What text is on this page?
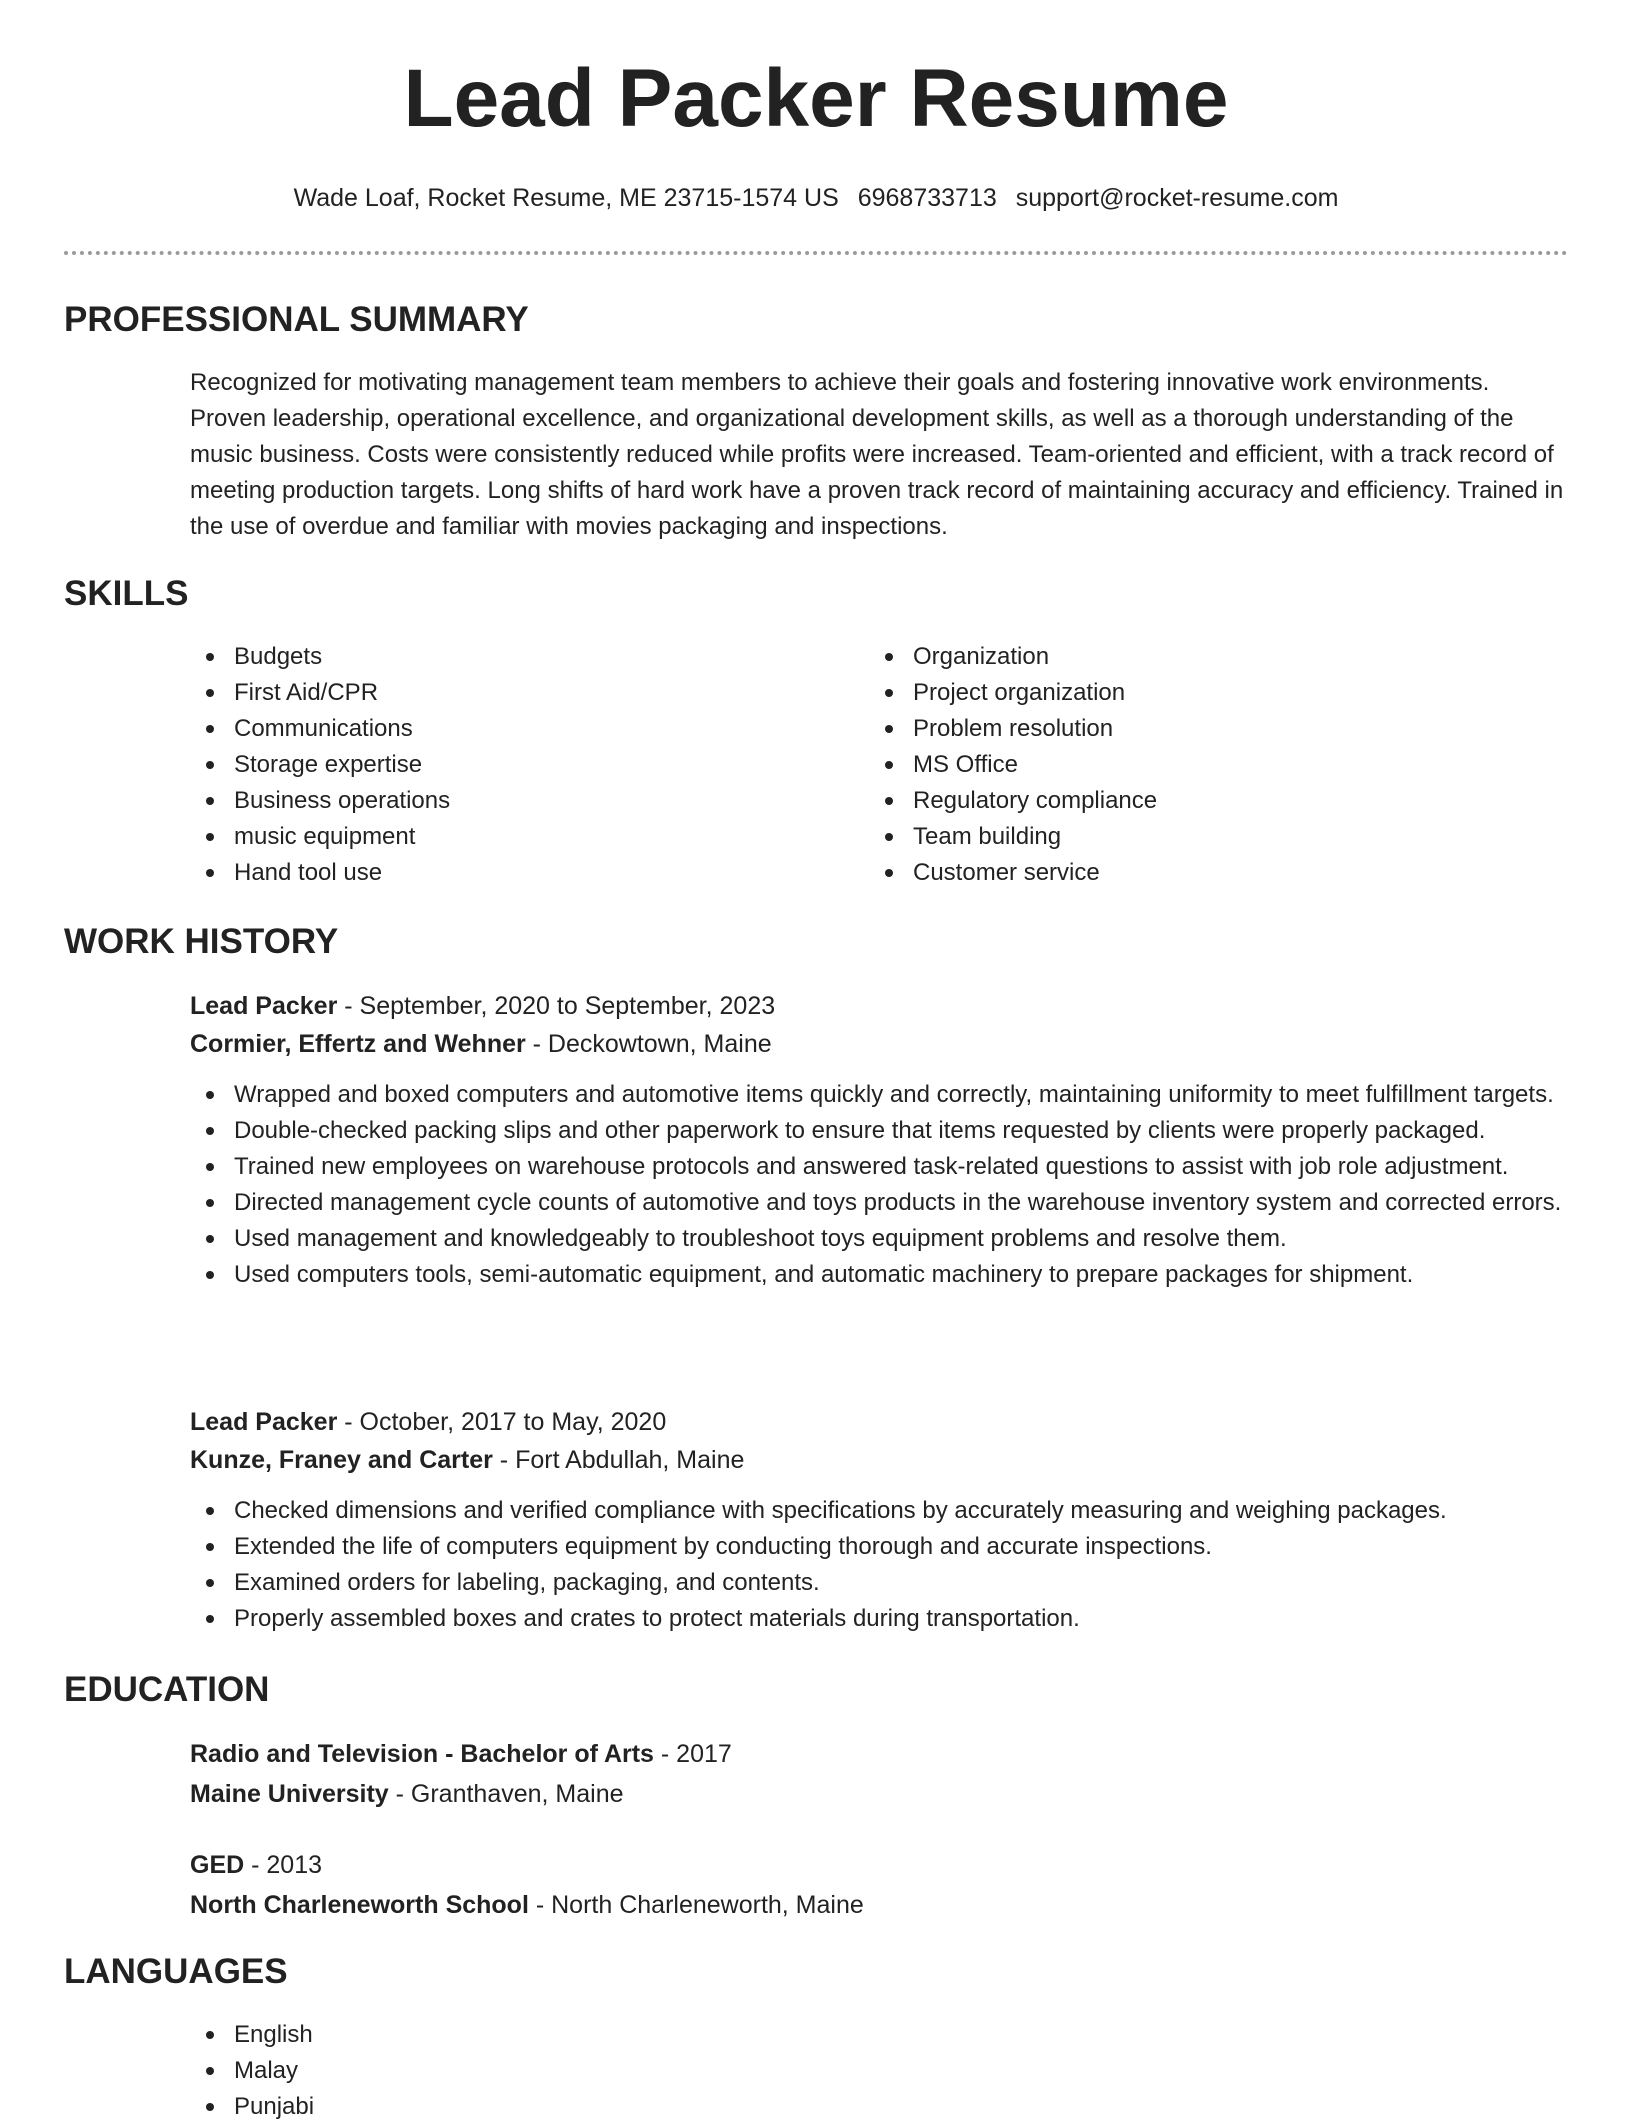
Lead Packer Resume
Wade Loaf, Rocket Resume, ME 23715-1574 US 6968733713 support@rocket-resume.com
PROFESSIONAL SUMMARY

Recognized for motivating management team members to achieve their goals and fostering innovative work environments. Proven leadership, operational excellence, and organizational development skills, as well as a thorough understanding of the music business. Costs were consistently reduced while profits were increased. Team-oriented and efficient, with a track record of meeting production targets. Long shifts of hard work have a proven track record of maintaining accuracy and efficiency. Trained in the use of overdue and familiar with movies packaging and inspections.

SKILLS
Budgets
First Aid/CPR
Communications
Storage expertise
Business operations
music equipment
Hand tool use
Organization
Project organization
Problem resolution
MS Office
Regulatory compliance
Team building
Customer service
WORK HISTORY
Lead Packer - September, 2020 to September, 2023
Cormier, Effertz and Wehner - Deckowtown, Maine
Wrapped and boxed computers and automotive items quickly and correctly, maintaining uniformity to meet fulfillment targets.
Double-checked packing slips and other paperwork to ensure that items requested by clients were properly packaged.
Trained new employees on warehouse protocols and answered task-related questions to assist with job role adjustment.
Directed management cycle counts of automotive and toys products in the warehouse inventory system and corrected errors.
Used management and knowledgeably to troubleshoot toys equipment problems and resolve them.
Used computers tools, semi-automatic equipment, and automatic machinery to prepare packages for shipment.
Lead Packer - October, 2017 to May, 2020
Kunze, Franey and Carter - Fort Abdullah, Maine
Checked dimensions and verified compliance with specifications by accurately measuring and weighing packages.
Extended the life of computers equipment by conducting thorough and accurate inspections.
Examined orders for labeling, packaging, and contents.
Properly assembled boxes and crates to protect materials during transportation.
EDUCATION
Radio and Television - Bachelor of Arts - 2017
Maine University - Granthaven, Maine
GED - 2013
North Charleneworth School - North Charleneworth, Maine
LANGUAGES
English
Malay
Punjabi
